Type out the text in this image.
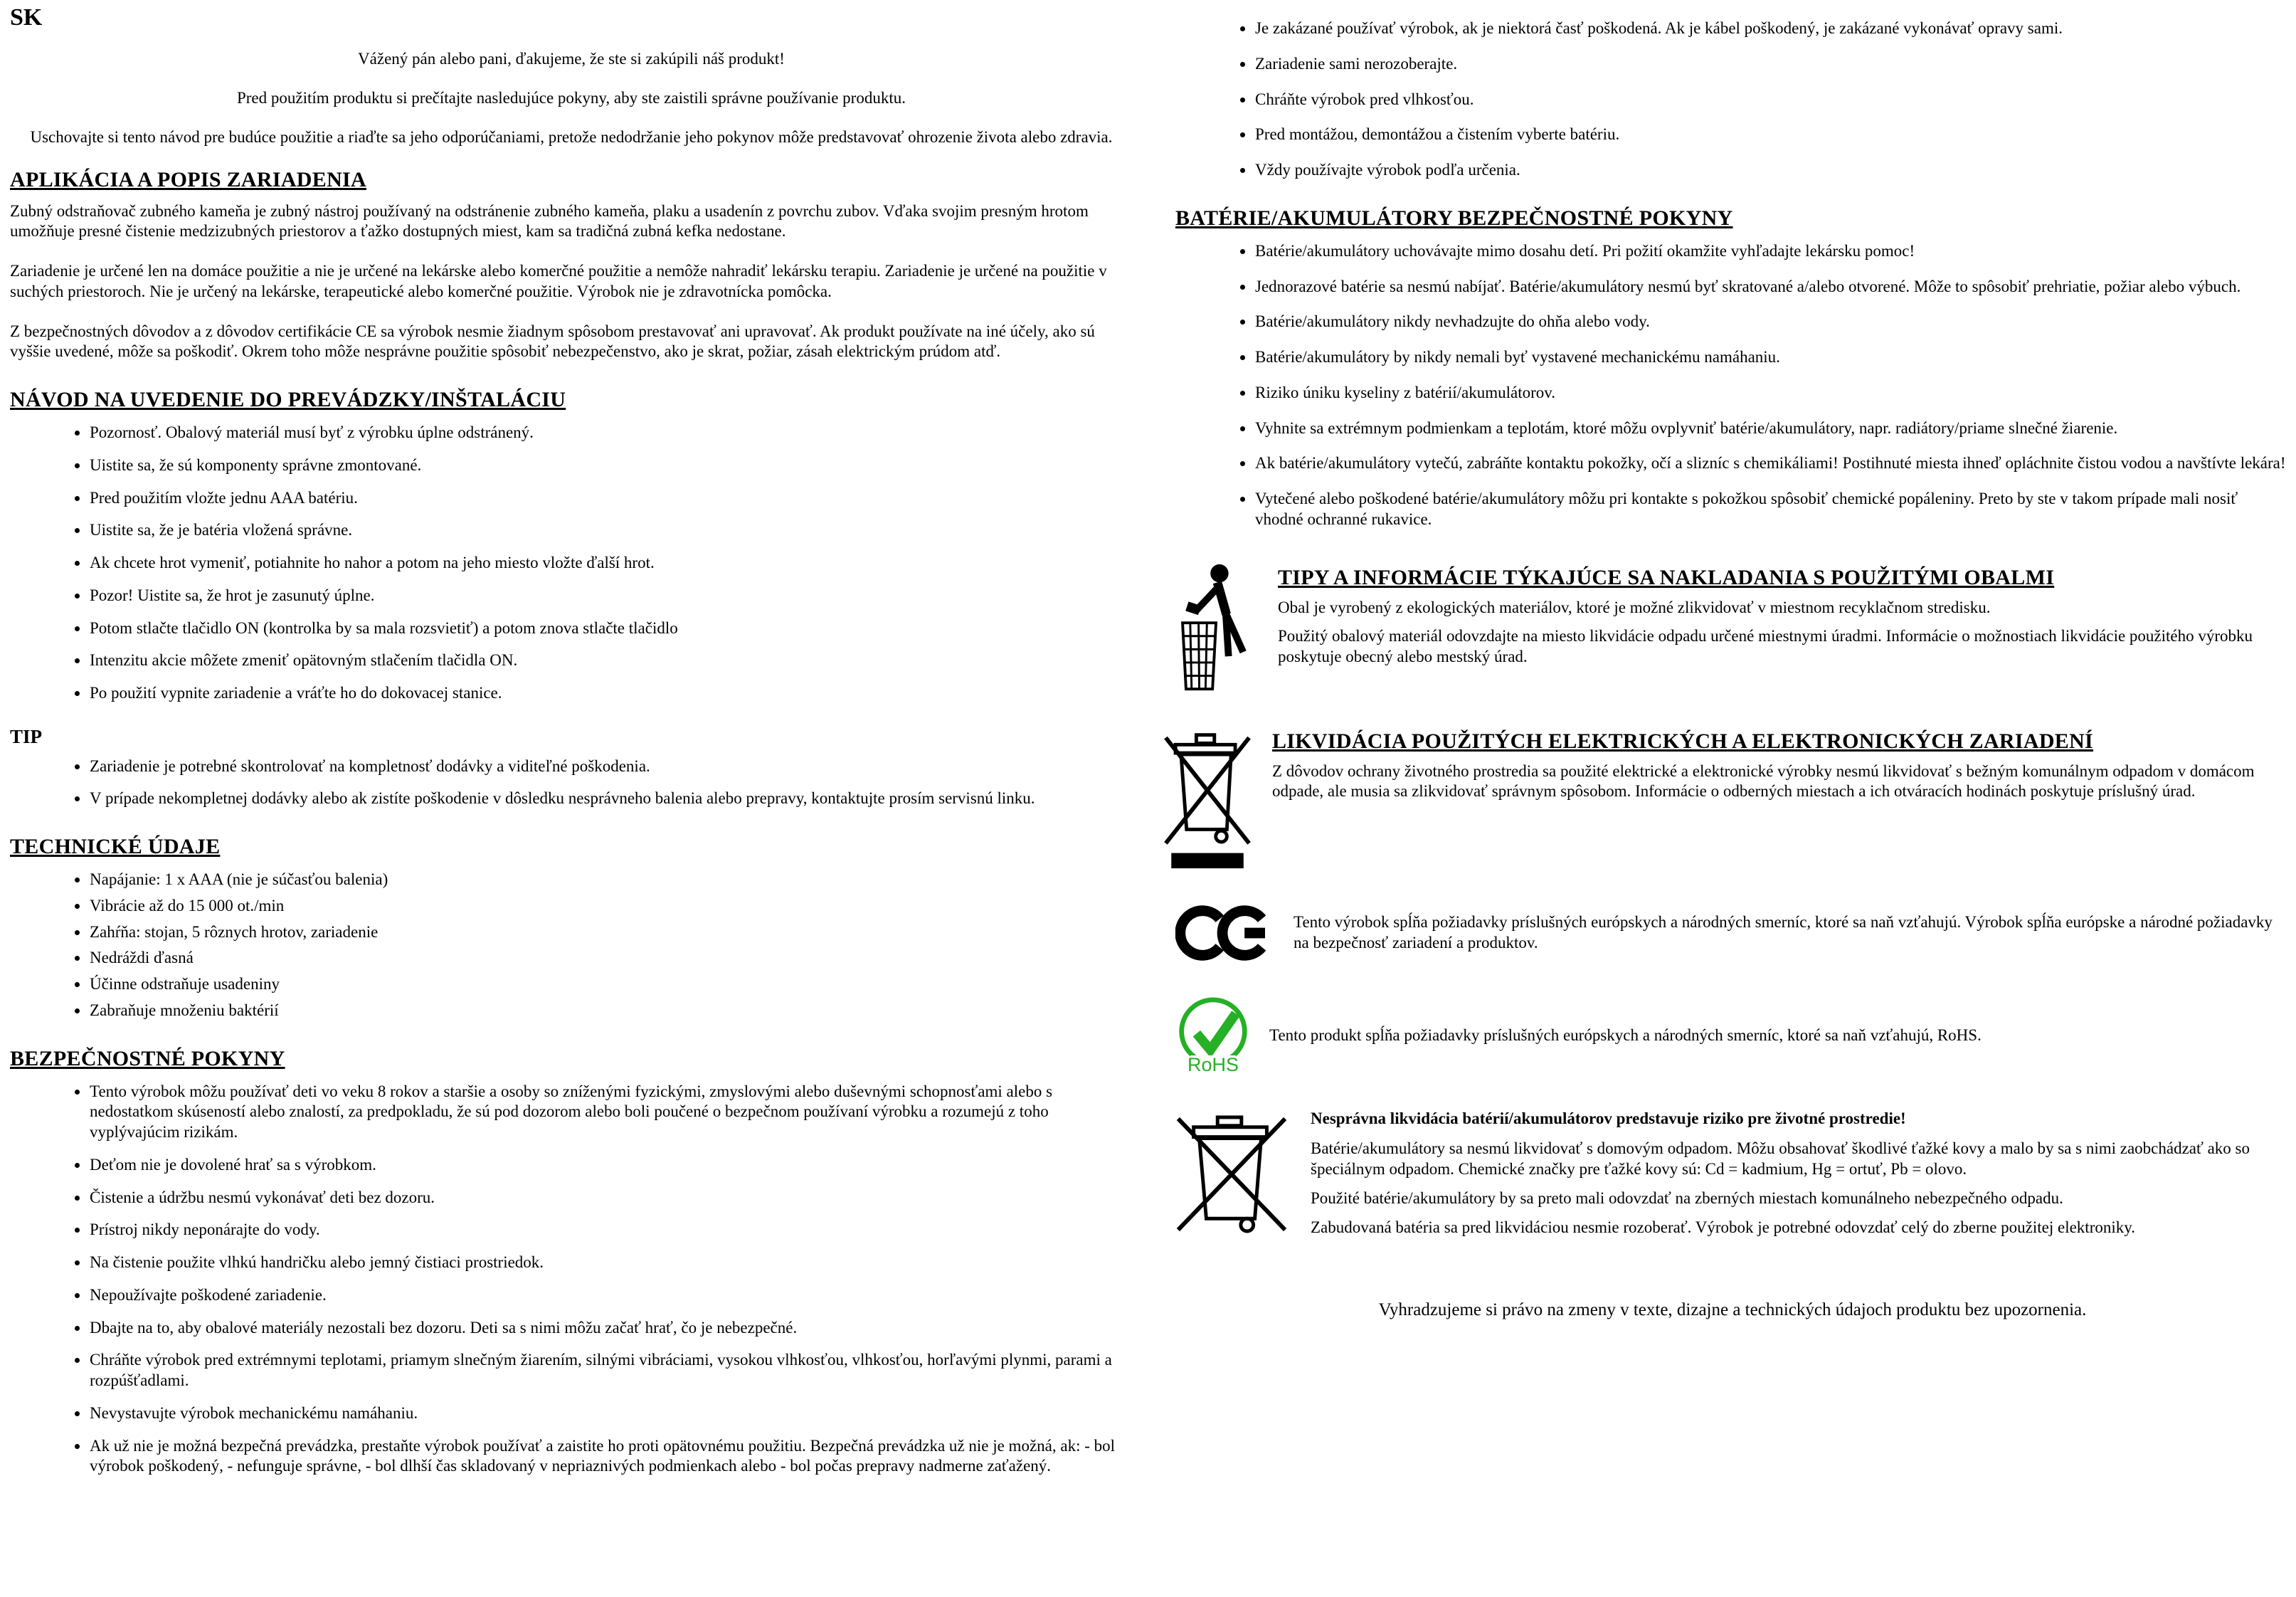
SK

Vážený pán alebo pani, ďakujeme, že ste si zakúpili náš produkt!

Pred použitím produktu si prečítajte nasledujúce pokyny, aby ste zaistili správne používanie produktu.

Uschovajte si tento návod pre budúce použitie a riaďte sa jeho odporúčaniami, pretože nedodržanie jeho pokynov môže predstavovať ohrozenie života alebo zdravia.

APLIKÁCIA A POPIS ZARIADENIA

Zubný odstraňovač zubného kameňa je zubný nástroj používaný na odstránenie zubného kameňa, plaku a usadenín z povrchu zubov. Vďaka svojim presným hrotom umožňuje presné čistenie medzizubných priestorov a ťažko dostupných miest, kam sa tradičná zubná kefka nedostane.

Zariadenie je určené len na domáce použitie a nie je určené na lekárske alebo komerčné použitie a nemôže nahradiť lekársku terapiu. Zariadenie je určené na použitie v suchých priestoroch. Nie je určený na lekárske, terapeutické alebo komerčné použitie. Výrobok nie je zdravotnícka pomôcka.

Z bezpečnostných dôvodov a z dôvodov certifikácie CE sa výrobok nesmie žiadnym spôsobom prestavovať ani upravovať. Ak produkt používate na iné účely, ako sú vyššie uvedené, môže sa poškodiť. Okrem toho môže nesprávne použitie spôsobiť nebezpečenstvo, ako je skrat, požiar, zásah elektrickým prúdom atď.

NÁVOD NA UVEDENIE DO PREVÁDZKY/INŠTALÁCIU
• Pozornosť. Obalový materiál musí byť z výrobku úplne odstránený.
• Uistite sa, že sú komponenty správne zmontované.
• Pred použitím vložte jednu AAA batériu.
• Uistite sa, že je batéria vložená správne.
• Ak chcete hrot vymeniť, potiahnite ho nahor a potom na jeho miesto vložte ďalší hrot.
• Pozor! Uistite sa, že hrot je zasunutý úplne.
• Potom stlačte tlačidlo ON (kontrolka by sa mala rozsvietiť) a potom znova stlačte tlačidlo
• Intenzitu akcie môžete zmeniť opätovným stlačením tlačidla ON.
• Po použití vypnite zariadenie a vráťte ho do dokovacej stanice.
TIP
• Zariadenie je potrebné skontrolovať na kompletnosť dodávky a viditeľné poškodenia.
• V prípade nekompletnej dodávky alebo ak zistíte poškodenie v dôsledku nesprávneho balenia alebo prepravy, kontaktujte prosím servisnú linku.
TECHNICKÉ ÚDAJE
• Napájanie: 1 x AAA (nie je súčasťou balenia)
• Vibrácie až do 15 000 ot./min
• Zahŕňa: stojan, 5 rôznych hrotov, zariadenie
• Nedráždi ďasná
• Účinne odstraňuje usadeniny
• Zabraňuje množeniu baktérií
BEZPEČNOSTNÉ POKYNY
• Tento výrobok môžu používať deti vo veku 8 rokov a staršie a osoby so zníženými fyzickými, zmyslovými alebo duševnými schopnosťami alebo s nedostatkom skúseností alebo znalostí, za predpokladu, že sú pod dozorom alebo boli poučené o bezpečnom používaní výrobku a rozumejú z toho vyplývajúcim rizikám.
• Deťom nie je dovolené hrať sa s výrobkom.
• Čistenie a údržbu nesmú vykonávať deti bez dozoru.
• Prístroj nikdy neponárajte do vody.
• Na čistenie použite vlhkú handričku alebo jemný čistiaci prostriedok.
• Nepoužívajte poškodené zariadenie.
• Dbajte na to, aby obalové materiály nezostali bez dozoru. Deti sa s nimi môžu začať hrať, čo je nebezpečné.
• Chráňte výrobok pred extrémnymi teplotami, priamym slnečným žiarením, silnými vibráciami, vysokou vlhkosťou, vlhkosťou, horľavými plynmi, parami a rozpúšťadlami.
• Nevystavujte výrobok mechanickému namáhaniu.
• Ak už nie je možná bezpečná prevádzka, prestaňte výrobok používať a zaistite ho proti opätovnému použitiu. Bezpečná prevádzka už nie je možná, ak: - bol výrobok poškodený, - nefunguje správne, - bol dlhší čas skladovaný v nepriaznivých podmienkach alebo - bol počas prepravy nadmerne zaťažený.
• Je zakázané používať výrobok, ak je niektorá časť poškodená. Ak je kábel poškodený, je zakázané vykonávať opravy sami.
• Zariadenie sami nerozoberajte.
• Chráňte výrobok pred vlhkosťou.
• Pred montážou, demontážou a čistením vyberte batériu.
• Vždy používajte výrobok podľa určenia.
BATÉRIE/AKUMULÁTORY BEZPEČNOSTNÉ POKYNY
• Batérie/akumulátory uchovávajte mimo dosahu detí. Pri požití okamžite vyhľadajte lekársku pomoc!
• Jednorazové batérie sa nesmú nabíjať. Batérie/akumulátory nesmú byť skratované a/alebo otvorené. Môže to spôsobiť prehriatie, požiar alebo výbuch.
• Batérie/akumulátory nikdy nevhadzujte do ohňa alebo vody.
• Batérie/akumulátory by nikdy nemali byť vystavené mechanickému namáhaniu.
• Riziko úniku kyseliny z batérií/akumulátorov.
• Vyhnite sa extrémnym podmienkam a teplotám, ktoré môžu ovplyvniť batérie/akumulátory, napr. radiátory/priame slnečné žiarenie.
• Ak batérie/akumulátory vytečú, zabráňte kontaktu pokožky, očí a slizníc s chemikáliami! Postihnuté miesta ihneď opláchnite čistou vodou a navštívte lekára!
• Vytečené alebo poškodené batérie/akumulátory môžu pri kontakte s pokožkou spôsobiť chemické popáleniny. Preto by ste v takom prípade mali nosiť vhodné ochranné rukavice.
TIPY A INFORMÁCIE TÝKAJÚCE SA NAKLADANIA S POUŽITÝMI OBALMI

Obal je vyrobený z ekologických materiálov, ktoré je možné zlikvidovať v miestnom recyklačnom stredisku.

Použitý obalový materiál odovzdajte na miesto likvidácie odpadu určené miestnymi úradmi. Informácie o možnostiach likvidácie použitého výrobku poskytuje obecný alebo mestský úrad.

LIKVIDÁCIA POUŽITÝCH ELEKTRICKÝCH A ELEKTRONICKÝCH ZARIADENÍ

Z dôvodov ochrany životného prostredia sa použité elektrické a elektronické výrobky nesmú likvidovať s bežným komunálnym odpadom v domácom odpade, ale musia sa zlikvidovať správnym spôsobom. Informácie o odberných miestach a ich otváracích hodinách poskytuje príslušný úrad.

Tento výrobok spĺňa požiadavky príslušných európskych a národných smerníc, ktoré sa naň vzťahujú. Výrobok spĺňa európske a národné požiadavky na bezpečnosť zariadení a produktov.

RoHS

Tento produkt spĺňa požiadavky príslušných európskych a národných smerníc, ktoré sa naň vzťahujú, RoHS.

Nesprávna likvidácia batérií/akumulátorov predstavuje riziko pre životné prostredie!

Batérie/akumulátory sa nesmú likvidovať s domovým odpadom. Môžu obsahovať škodlivé ťažké kovy a malo by sa s nimi zaobchádzať ako so špeciálnym odpadom. Chemické značky pre ťažké kovy sú: Cd = kadmium, Hg = ortuť, Pb = olovo.

Použité batérie/akumulátory by sa preto mali odovzdať na zberných miestach komunálneho nebezpečného odpadu.

Zabudovaná batéria sa pred likvidáciou nesmie rozoberať. Výrobok je potrebné odovzdať celý do zberne použitej elektroniky.

Vyhradzujeme si právo na zmeny v texte, dizajne a technických údajoch produktu bez upozornenia.
